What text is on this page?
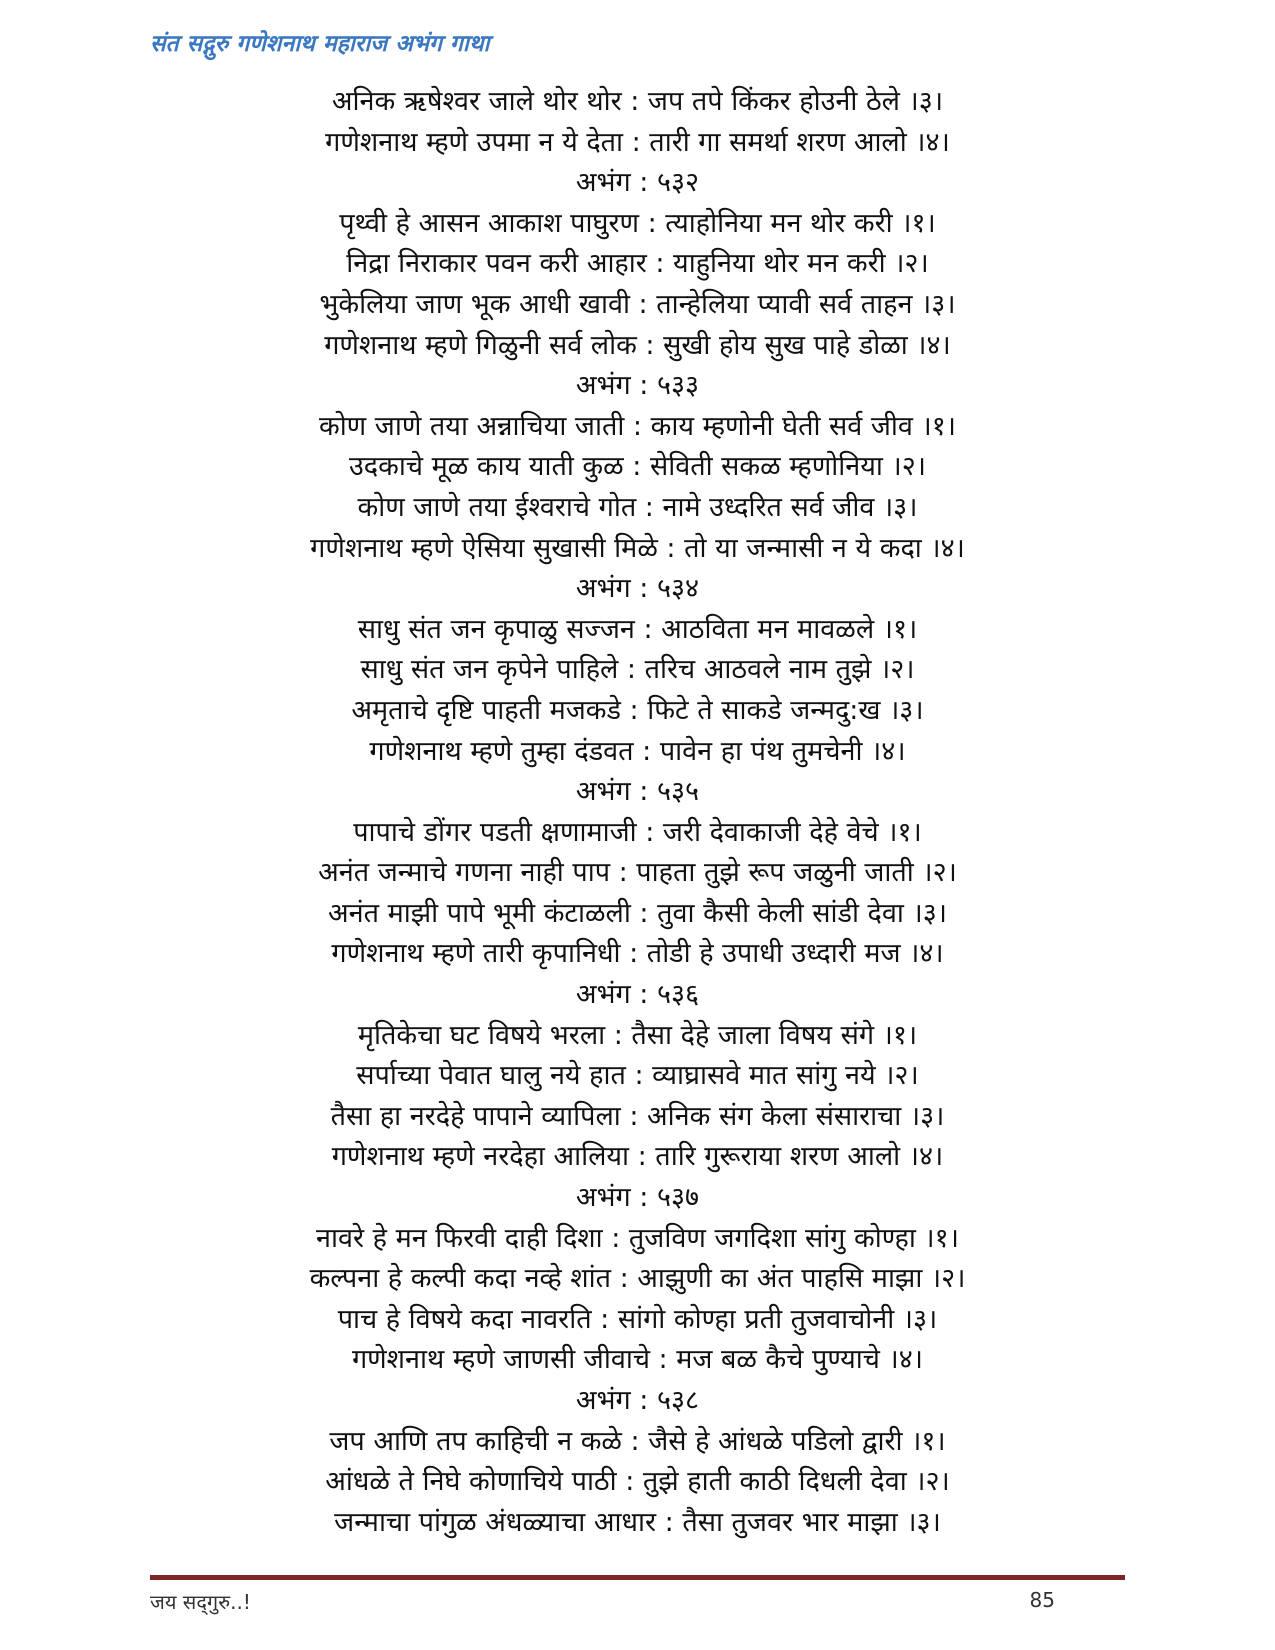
संत सद्गुरु गणेशनाथ महाराज अभंग गाथा
अनिक ऋषेश्वर जाले थोर थोर : जप तपे किंकर होउनी ठेले ।३।
गणेशनाथ म्हणे उपमा न ये देता : तारी गा समर्था शरण आलो ।४।
अभंग : ५३२
पृथ्वी हे आसन आकाश पाघुरण : त्याहोनिया मन थोर करी ।१।
निद्रा निराकार पवन करी आहार : याहुनिया थोर मन करी ।२।
भुकेलिया जाण भूक आधी खावी : तान्हेलिया प्यावी सर्व ताहन ।३।
गणेशनाथ म्हणे गिळुनी सर्व लोक : सुखी होय सुख पाहे डोळा ।४।
अभंग : ५३३
कोण जाणे तया अन्नाचिया जाती : काय म्हणोनी घेती सर्व जीव ।१।
उदकाचे मूळ काय याती कुळ : सेविती सकळ म्हणोनिया ।२।
कोण जाणे तया ईश्वराचे गोत : नामे उध्दरित सर्व जीव ।३।
गणेशनाथ म्हणे ऐसिया सुखासी मिळे : तो या जन्मासी न ये कदा ।४।
अभंग : ५३४
साधु संत जन कृपाळु सज्जन : आठविता मन मावळले ।१।
साधु संत जन कृपेने पाहिले : तरिच आठवले नाम तुझे ।२।
अमृताचे दृष्टि पाहती मजकडे : फिटे ते साकडे जन्मदु:ख ।३।
गणेशनाथ म्हणे तुम्हा दंडवत : पावेन हा पंथ तुमचेनी ।४।
अभंग : ५३५
पापाचे डोंगर पडती क्षणामाजी : जरी देवाकाजी देहे वेचे ।१।
अनंत जन्माचे गणना नाही पाप : पाहता तुझे रूप जळुनी जाती ।२।
अनंत माझी पापे भूमी कंटाळली : तुवा कैसी केली सांडी देवा ।३।
गणेशनाथ म्हणे तारी कृपानिधी : तोडी हे उपाधी उध्दारी मज ।४।
अभंग : ५३६
मृतिकेचा घट विषये भरला : तैसा देहे जाला विषय संगे ।१।
सर्पाच्या पेवात घालु नये हात : व्याघ्रासवे मात सांगु नये ।२।
तैसा हा नरदेहे पापाने व्यापिला : अनिक संग केला संसाराचा ।३।
गणेशनाथ म्हणे नरदेहा आलिया : तारि गुरूराया शरण आलो ।४।
अभंग : ५३७
नावरे हे मन फिरवी दाही दिशा : तुजविण जगदिशा सांगु कोण्हा ।१।
कल्पना हे कल्पी कदा नव्हे शांत : आझुणी का अंत पाहसि माझा ।२।
पाच हे विषये कदा नावरति : सांगो कोण्हा प्रती तुजवाचोनी ।३।
गणेशनाथ म्हणे जाणसी जीवाचे : मज बळ कैचे पुण्याचे ।४।
अभंग : ५३८
जप आणि तप काहिची न कळे : जैसे हे आंधळे पडिलो द्वारी ।१।
आंधळे ते निघे कोणाचिये पाठी : तुझे हाती काठी दिधली देवा ।२।
जन्माचा पांगुळ अंधळ्याचा आधार : तैसा तुजवर भार माझा ।३।
जय सद्‌गुरु..!	85
